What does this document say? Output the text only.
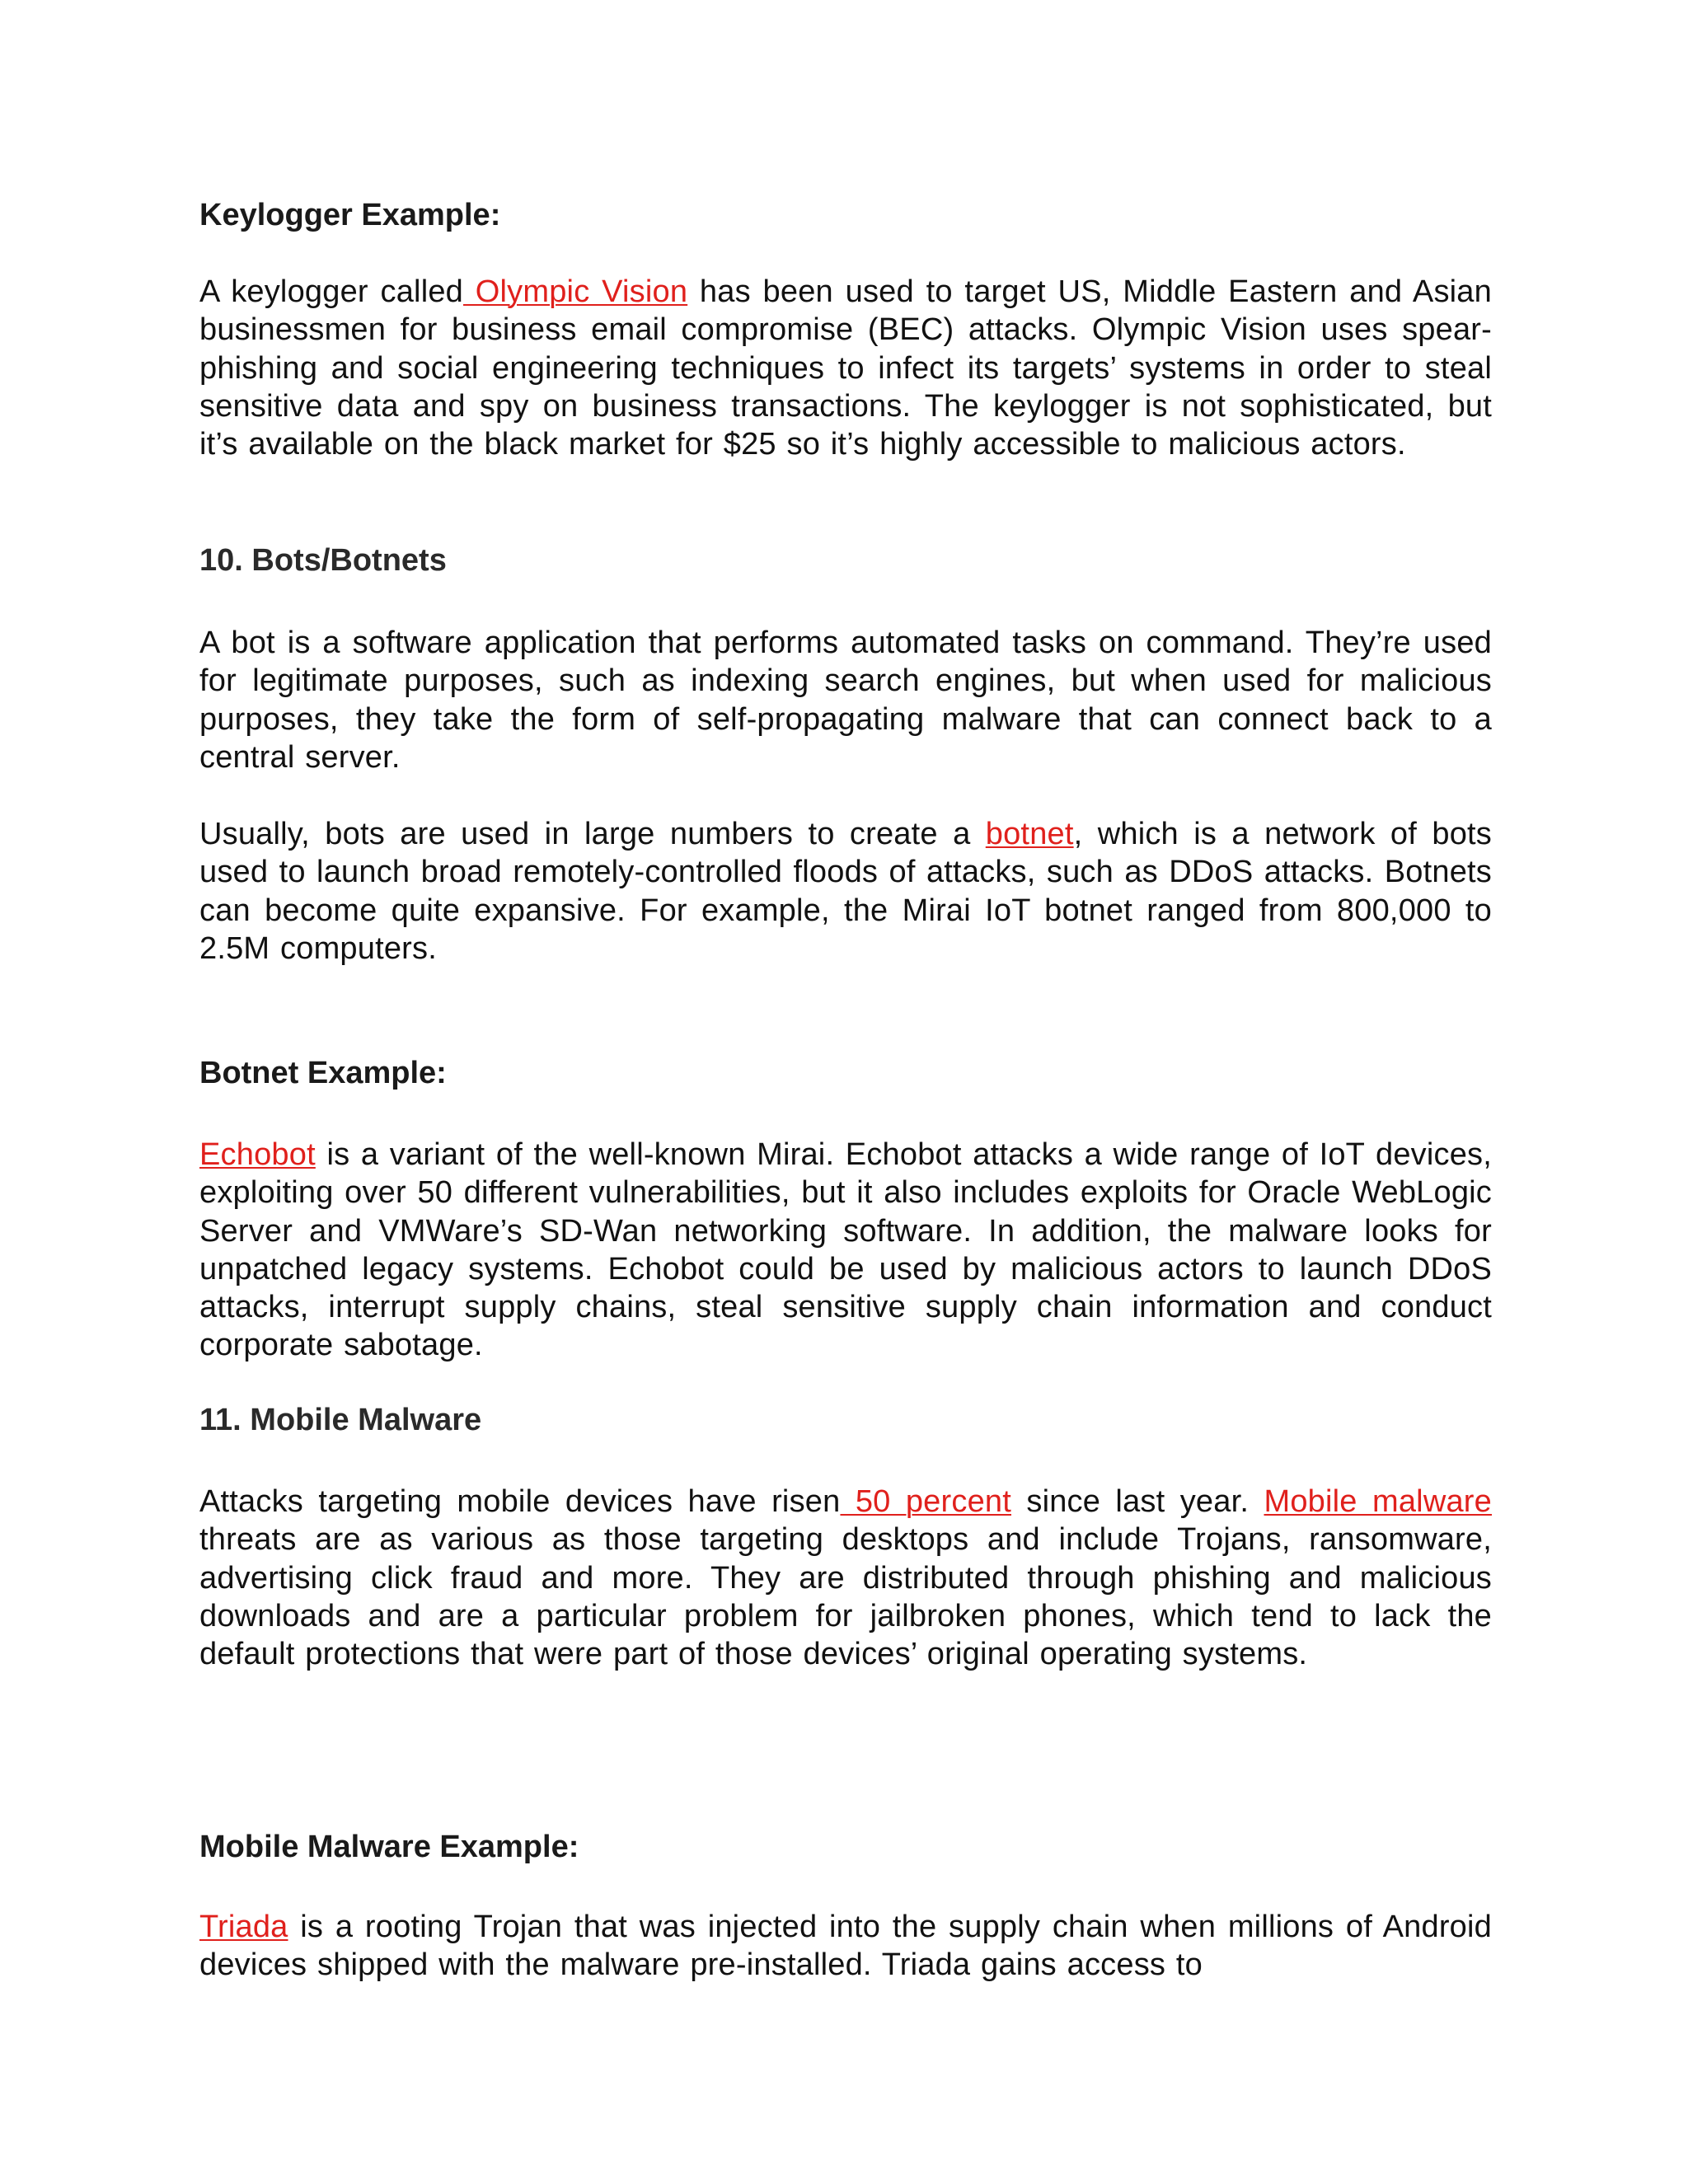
Keylogger Example:

A keylogger called Olympic Vision has been used to target US, Middle Eastern and Asian businessmen for business email compromise (BEC) attacks. Olympic Vision uses spear-phishing and social engineering techniques to infect its targets’ systems in order to steal sensitive data and spy on business transactions. The keylogger is not sophisticated, but it’s available on the black market for $25 so it’s highly accessible to malicious actors.

10. Bots/Botnets

A bot is a software application that performs automated tasks on command. They’re used for legitimate purposes, such as indexing search engines, but when used for malicious purposes, they take the form of self-propagating malware that can connect back to a central server.

Usually, bots are used in large numbers to create a botnet, which is a network of bots used to launch broad remotely-controlled floods of attacks, such as DDoS attacks. Botnets can become quite expansive. For example, the Mirai IoT botnet ranged from 800,000 to 2.5M computers.

Botnet Example:

Echobot is a variant of the well-known Mirai. Echobot attacks a wide range of IoT devices, exploiting over 50 different vulnerabilities, but it also includes exploits for Oracle WebLogic Server and VMWare’s SD-Wan networking software. In addition, the malware looks for unpatched legacy systems. Echobot could be used by malicious actors to launch DDoS attacks, interrupt supply chains, steal sensitive supply chain information and conduct corporate sabotage.

11. Mobile Malware

Attacks targeting mobile devices have risen 50 percent since last year. Mobile malware threats are as various as those targeting desktops and include Trojans, ransomware, advertising click fraud and more. They are distributed through phishing and malicious downloads and are a particular problem for jailbroken phones, which tend to lack the default protections that were part of those devices’ original operating systems.

Mobile Malware Example:

Triada is a rooting Trojan that was injected into the supply chain when millions of Android devices shipped with the malware pre-installed. Triada gains access to
